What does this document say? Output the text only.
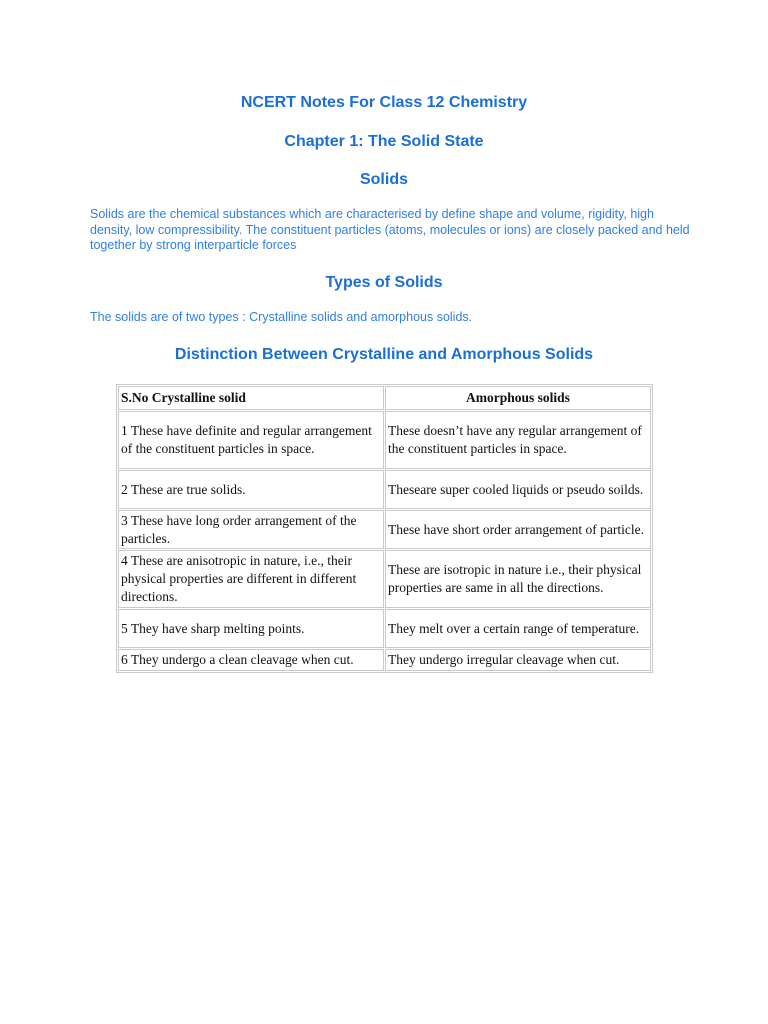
NCERT Notes For Class 12 Chemistry
Chapter 1: The Solid State
Solids

Solids are the chemical substances which are characterised by define shape and volume, rigidity, high density, low compressibility. The constituent particles (atoms, molecules or ions) are closely packed and held together by strong interparticle forces

Types of Solids

The solids are of two types : Crystalline solids and amorphous solids.

Distinction Between Crystalline and Amorphous Solids
S.No Crystalline solid	Amorphous solids
1 These have definite and regular arrangement of the constituent particles in space.	These doesn’t have any regular arrangement of the constituent particles in space.
2 These are true solids.	Theseare super cooled liquids or pseudo soilds.
3 These have long order arrangement of the particles.	These have short order arrangement of particle.
4 These are anisotropic in nature, i.e., their physical properties are different in different directions.	These are isotropic in nature i.e., their physical properties are same in all the directions.
5 They have sharp melting points.	They melt over a certain range of temperature.
6 They undergo a clean cleavage when cut.	They undergo irregular cleavage when cut.
